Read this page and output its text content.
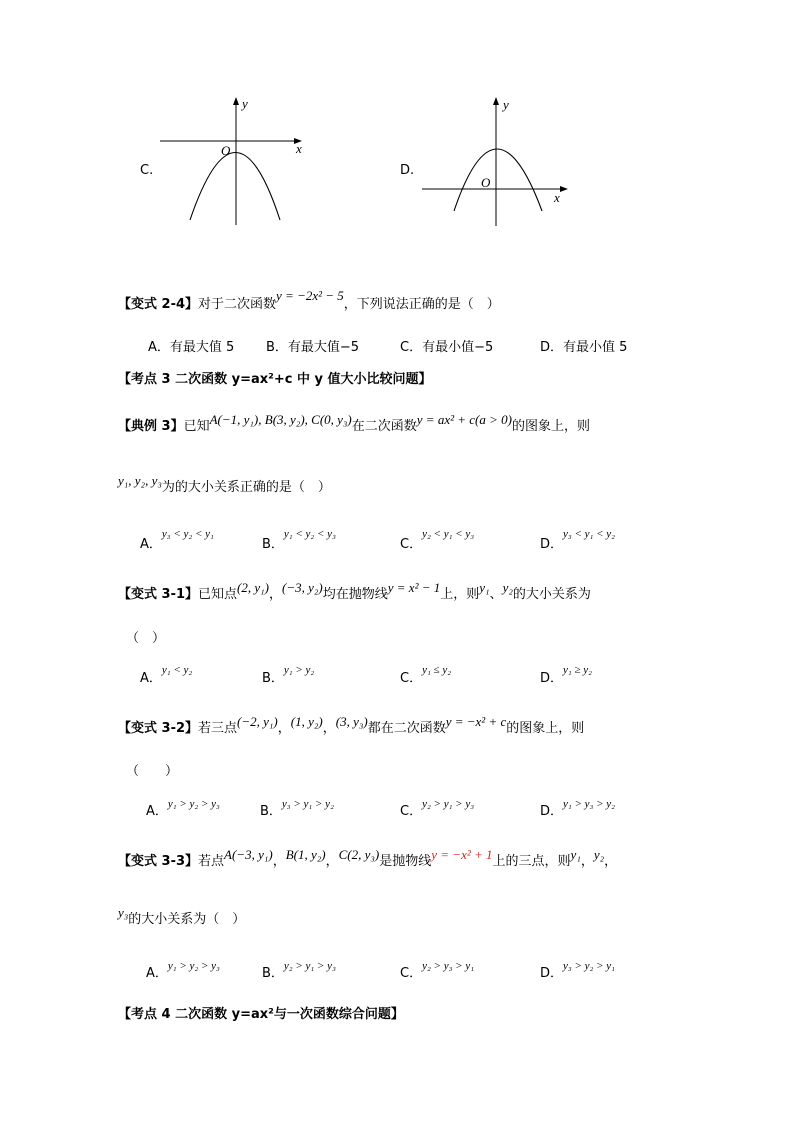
C.
y
x
O
D.
y
x
O
【变式 2-4】对于二次函数y = −2x² − 5，下列说法正确的是（　）
A．有最大值 5 B．有最大值−5	C．有最小值−5	D．有最小值 5
【考点 3 二次函数 y=ax²+c 中 y 值大小比较问题】
【典例 3】已知A(−1, y₁), B(3, y₂), C(0, y₃)在二次函数y = ax² + c(a > 0)的图象上，则
y₁, y₂, y₃为的大小关系正确的是（　）
A．$^{y_3 < y_2 < y_1}$
B．$^{y_1 < y_2 < y_3}$
C．$^{y_2 < y_1 < y_3}$
D．$^{y_3 < y_1 < y_2}$
【变式 3-1】已知点(2, y₁)，(−3, y₂)均在抛物线y = x² − 1上，则y₁、y₂的大小关系为
（　）
A．$^{y_1 < y_2}$
B．$^{y_1 > y_2}$
C．$^{y_1 \le y_2}$
D．$^{y_1 \ge y_2}$
【变式 3-2】若三点(−2, y₁)，(1, y₂)，(3, y₃)都在二次函数y = −x² + c的图象上，则
（　　）
A．$^{y_1 > y_2 > y_3}$	B．$^{y_3 > y_1 > y_2}$	C．$^{y_2 > y_1 > y_3}$	D．$^{y_1 > y_3 > y_2}$
【变式 3-3】若点A(−3, y₁)，B(1, y₂)，C(2, y₃)是抛物线y = −x² + 1上的三点，则y₁，y₂，
y₃的大小关系为（　）
A．$^{y_1 > y_2 > y_3}$	B．$^{y_2 > y_1 > y_3}$	C．$^{y_2 > y_3 > y_1}$	D．$^{y_3 > y_2 > y_1}$
【考点 4 二次函数 y=ax²与一次函数综合问题】
